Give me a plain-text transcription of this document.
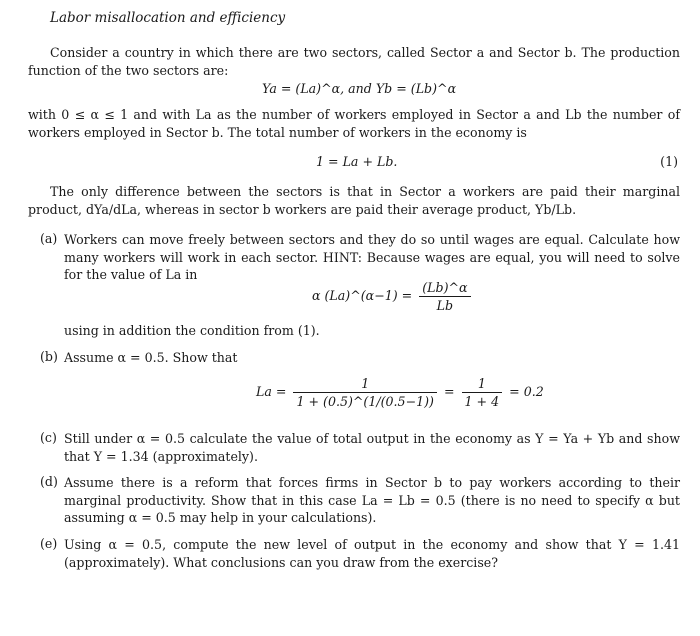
Labor misallocation and efficiency
Consider a country in which there are two sectors, called Sector a and Sector b. The production function of the two sectors are:
Ya = (La)^α, and Yb = (Lb)^α
with 0 ≤ α ≤ 1 and with La as the number of workers employed in Sector a and Lb the number of workers employed in Sector b. The total number of workers in the economy is
1 = La + Lb.	(1)
The only difference between the sectors is that in Sector a workers are paid their marginal product, dYa/dLa, whereas in sector b workers are paid their average product, Yb/Lb.
(a) Workers can move freely between sectors and they do so until wages are equal. Calculate how many workers will work in each sector. HINT: Because wages are equal, you will need to solve for the value of La in
α (La)^(α−1) = $\frac{(Lb)\^{}\alpha}{Lb}$
using in addition the condition from (1).
(b) Assume α = 0.5. Show that
$La = \frac{1}{1 + (0.5)\^{}(1/(0.5-1))} = \frac{1}{1 + 4} = 0.2$
(c) Still under α = 0.5 calculate the value of total output in the economy as Y = Ya + Yb and show that Y = 1.34 (approximately).
(d) Assume there is a reform that forces firms in Sector b to pay workers according to their marginal productivity. Show that in this case La = Lb = 0.5 (there is no need to specify α but assuming α = 0.5 may help in your calculations).
(e) Using α = 0.5, compute the new level of output in the economy and show that Y = 1.41 (approximately). What conclusions can you draw from the exercise?
